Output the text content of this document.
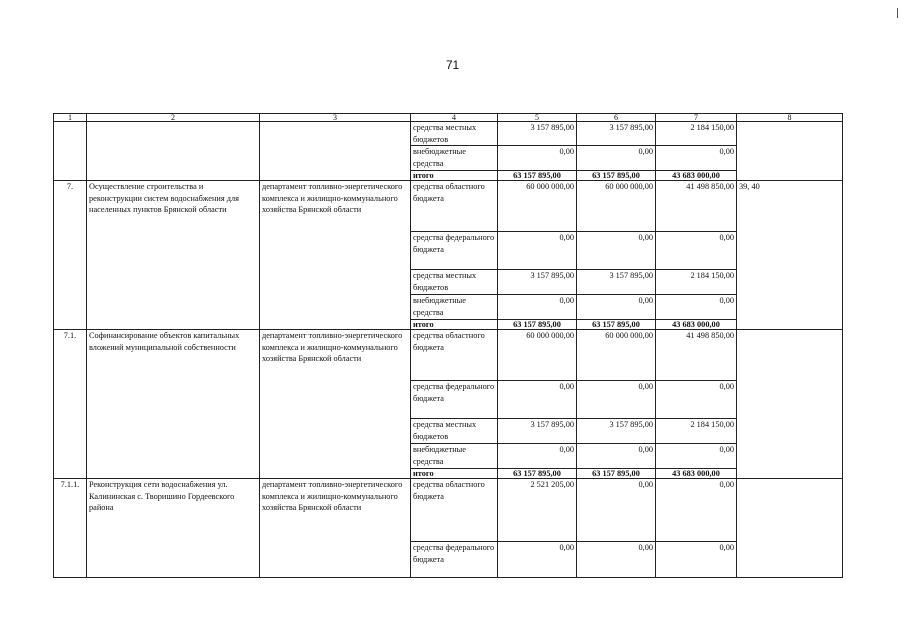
71
1	2	3	4	5	6	7	8
			средства местных бюджетов	3 157 895,00	3 157 895,00	2 184 150,00	
			внебюджетные средства	0,00	0,00	0,00	
			итого	63 157 895,00	63 157 895,00	43 683 000,00	
7.	Осуществление строительства и реконструкции систем водоснабжения для населенных пунктов Брянской области	департамент топливно-энергетического комплекса и жилищно-коммунального хозяйства Брянской области	средства областного бюджета	60 000 000,00	60 000 000,00	41 498 850,00	39, 40
			средства федерального бюджета	0,00	0,00	0,00	
			средства местных бюджетов	3 157 895,00	3 157 895,00	2 184 150,00	
			внебюджетные средства	0,00	0,00	0,00	
			итого	63 157 895,00	63 157 895,00	43 683 000,00	
7.1.	Софинансирование объектов капитальных вложений муниципальной собственности	департамент топливно-энергетического комплекса и жилищно-коммунального хозяйства Брянской области	средства областного бюджета	60 000 000,00	60 000 000,00	41 498 850,00	
			средства федерального бюджета	0,00	0,00	0,00	
			средства местных бюджетов	3 157 895,00	3 157 895,00	2 184 150,00	
			внебюджетные средства	0,00	0,00	0,00	
			итого	63 157 895,00	63 157 895,00	43 683 000,00	
7.1.1.	Реконструкция сети водоснабжения ул. Калининская с. Творишино Гордеевского района	департамент топливно-энергетического комплекса и жилищно-коммунального хозяйства Брянской области	средства областного бюджета	2 521 205,00	0,00	0,00	
			средства федерального бюджета	0,00	0,00	0,00	
